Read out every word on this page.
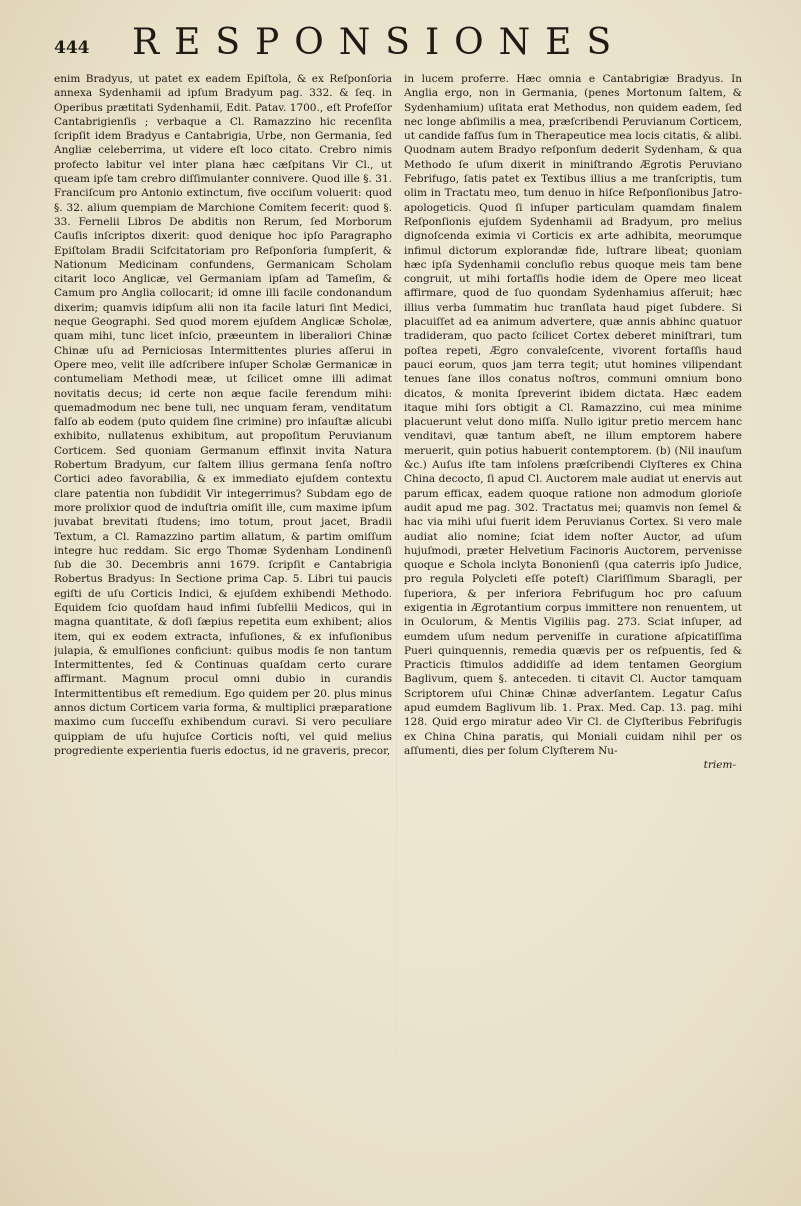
444 RESPONSIONES

enim Bradyus, ut patet ex eadem Epiſtola, & ex Reſponſoria annexa Sydenhamii ad ipſum Bradyum pag. 332. & ſeq. in Operibus prætitati Sydenhamii, Edit. Patav. 1700., eſt Profeſſor Cantabrigienſis ; verbaque a Cl. Ramazzino hic recenſita ſcripſit idem Bradyus e Cantabrigia, Urbe, non Germania, ſed Angliæ celeberrima, ut videre eſt loco citato. Crebro nimis profecto labitur vel inter plana hæc cæſpitans Vir Cl., ut queam ipſe tam crebro diſſimulanter connivere. Quod ille §. 31. Franciſcum pro Antonio extinctum, five occiſum voluerit: quod §. 32. alium quempiam de Marchione Comitem fecerit: quod §. 33. Fernelii Libros De abditis non Rerum, ſed Morborum Cauſis inſcriptos dixerit: quod denique hoc ipſo Paragrapho Epiſtolam Bradii Scifcitatoriam pro Reſponſoria ſumpſerit, & Nationum Medicinam confundens, Germanicam Scholam citarit loco Anglicæ, vel Germaniam ipſam ad Tameſim, & Camum pro Anglia collocarit; id omne illi facile condonandum dixerim; quamvis idipſum alii non ita facile laturi ſint Medici, neque Geographi. Sed quod morem ejuſdem Anglicæ Scholæ, quam mihi, tunc licet inſcio, præeuntem in liberaliori Chinæ Chinæ uſu ad Perniciosas Intermittentes pluries aſſerui in Opere meo, velit ille adſcribere inſuper Scholæ Germanicæ in contumeliam Methodi meæ, ut ſcilicet omne illi adimat novitatis decus; id certe non æque facile ferendum mihi: quemadmodum nec bene tuli, nec unquam feram, venditatum falſo ab eodem (puto quidem ſine crimine) pro inſauſtæ alicubi exhibito, nullatenus exhibitum, aut propoſitum Peruvianum Corticem. Sed quoniam Germanum effinxit invita Natura Robertum Bradyum, cur ſaltem illius germana ſenſa noſtro Cortici adeo favorabilia, & ex immediato ejuſdem contextu clare patentia non ſubdidit Vir integerrimus? Subdam ego de more prolixior quod de induſtria omiſit ille, cum maxime ipſum juvabat brevitati ſtudens; imo totum, prout jacet, Bradii Textum, a Cl. Ramazzino partim allatum, & partim omiſſum integre huc reddam. Sic ergo Thomæ Sydenham Londinenſi ſub die 30. Decembris anni 1679. ſcripſit e Cantabrigia Robertus Bradyus: In Sectione prima Cap. 5. Libri tui paucis egiſti de uſu Corticis Indici, & ejuſdem exhibendi Methodo. Equidem ſcio quoſdam haud infimi ſubſellii Medicos, qui in magna quantitate, & doſi ſæpius repetita eum exhibent; alios item, qui ex eodem extracta, infuſiones, & ex infuſionibus julapia, & emulſiones conficiunt: quibus modis ſe non tantum Intermittentes, ſed & Continuas quaſdam certo curare affirmant. Magnum procul omni dubio in curandis Intermittentibus eſt remedium. Ego quidem per 20. plus minus annos dictum Corticem varia forma, & multiplici præparatione maximo cum ſucceſſu exhibendum curavi. Si vero peculiare quippiam de uſu hujuſce Corticis noſti, vel quid melius progrediente experientia fueris edoctus, id ne graveris, precor,

in lucem proferre. Hæc omnia e Cantabrigiæ Bradyus. In Anglia ergo, non in Germania, (penes Mortonum ſaltem, & Sydenhamium) uſitata erat Methodus, non quidem eadem, ſed nec longe abſimilis a mea, præſcribendi Peruvianum Corticem, ut candide faſſus ſum in Therapeutice mea locis citatis, & alibi. Quodnam autem Bradyo reſponſum dederit Sydenham, & qua Methodo ſe uſum dixerit in miniſtrando Ægrotis Peruviano Febrifugo, ſatis patet ex Textibus illius a me tranſcriptis, tum olim in Tractatu meo, tum denuo in hiſce Reſponſionibus Jatro-apologeticis. Quod ſi inſuper particulam quamdam finalem Reſponſionis ejuſdem Sydenhamii ad Bradyum, pro melius dignoſcenda eximia vi Corticis ex arte adhibita, meorumque infimul dictorum explorandæ fide, luſtrare libeat; quoniam hæc ipſa Sydenhamii concluſio rebus quoque meis tam bene congruit, ut mihi fortaſſis hodie idem de Opere meo liceat affirmare, quod de ſuo quondam Sydenhamius aſſeruit; hæc illius verba ſummatim huc tranſlata haud piget ſubdere. Si placuiſſet ad ea animum advertere, quæ annis abhinc quatuor tradideram, quo pacto ſcilicet Cortex deberet miniſtrari, tum poſtea repeti, Ægro convaleſcente, vivorent fortaſſis haud pauci eorum, quos jam terra tegit; utut homines vilipendant tenues ſane illos conatus noſtros, communi omnium bono dicatos, & monita ſpreverint ibidem dictata. Hæc eadem itaque mihi ſors obtigit a Cl. Ramazzino, cui mea minime placuerunt velut dono miſſa. Nullo igitur pretio mercem hanc venditavi, quæ tantum abeſt, ne illum emptorem habere meruerit, quin potius habuerit contemptorem. (b) (Nil inauſum &c.) Auſus iſte tam inſolens præſcribendi Clyſteres ex China China decocto, ſi apud Cl. Auctorem male audiat ut enervis aut parum efficax, eadem quoque ratione non admodum glorioſe audit apud me pag. 302. Tractatus mei; quamvis non ſemel & hac via mihi uſui fuerit idem Peruvianus Cortex. Si vero male audiat alio nomine; ſciat idem noſter Auctor, ad uſum hujuſmodi, præter Helvetium Facinoris Auctorem, pervenisse quoque e Schola inclyta Bononienſi (qua caterris ipſo Judice, pro regula Polycleti eſſe poteſt) Clariſſimum Sbaragli, per ſuperiora, & per inferiora Febrifugum hoc pro caſuum exigentia in Ægrotantium corpus immittere non renuentem, ut in Oculorum, & Mentis Vigiliis pag. 273. Sciat inſuper, ad eumdem uſum nedum perveniſſe in curatione aſpicatiſſima Pueri quinquennis, remedia quævis per os reſpuentis, ſed & Practicis ſtimulos addidiſſe ad idem tentamen Georgium Baglivum, quem §. anteceden. ti citavit Cl. Auctor tamquam Scriptorem uſui Chinæ Chinæ adverſantem. Legatur Caſus apud eumdem Baglivum lib. 1. Prax. Med. Cap. 13. pag. mihi 128. Quid ergo miratur adeo Vir Cl. de Clyſteribus Febrifugis ex China China paratis, qui Moniali cuidam nihil per os aſſumenti, dies per ſolum Clyſterem Nu-

triem-
